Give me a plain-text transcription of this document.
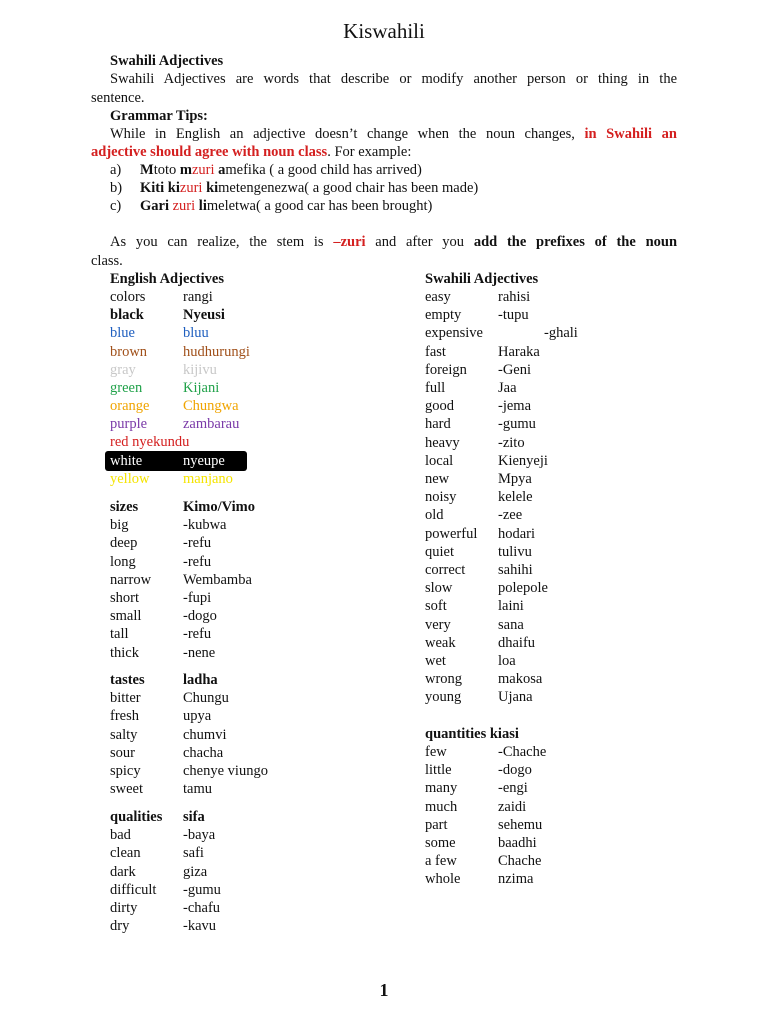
Kiswahili
Swahili Adjectives
Swahili Adjectives are words that describe or modify another person or thing in the
sentence.
Grammar Tips:
While in English an adjective doesn’t change when the noun changes, in Swahili an
adjective should agree with noun class. For example:
a) Mtoto mzuri amefika ( a good child has arrived)
b) Kiti kizuri kimetengenezwa( a good chair has been made)
c) Gari zuri limeletwa( a good car has been brought)
As you can realize, the stem is –zuri and after you add the prefixes of the noun
class.
English Adjectives	Swahili Adjectives
colors	rangi
black	Nyeusi
blue	bluu
brown hudhurungi
gray	kijivu
green	Kijani
orange Chungwa
purple zambarau
red nyekundu
white	nyeupe
yellow manjano
sizes	Kimo/Vimo
big	-kubwa
deep	-refu
long	-refu
narrow Wembamba
short	-fupi
small	-dogo
tall	-refu
thick	-nene
tastes	ladha
bitter	Chungu
fresh	upya
salty	chumvi
sour	chacha
spicy	chenye viungo
sweet	tamu
qualities sifa
bad	-baya
clean	safi
dark	giza
difficult -gumu
dirty	-chafu
dry	-kavu
easy	rahisi
empty	-tupu
expensive	-ghali
fast	Haraka
foreign -Geni
full	Jaa
good	-jema
hard	-gumu
heavy	-zito
local	Kienyeji
new	Mpya
noisy	kelele
old	-zee
powerful hodari
quiet	tulivu
correct sahihi
slow	polepole
soft	laini
very	sana
weak	dhaifu
wet	loa
wrong makosa
young	Ujana
quantities kiasi
few	-Chache
little	-dogo
many	-engi
much	zaidi
part	sehemu
some	baadhi
a few	Chache
whole	nzima
1
